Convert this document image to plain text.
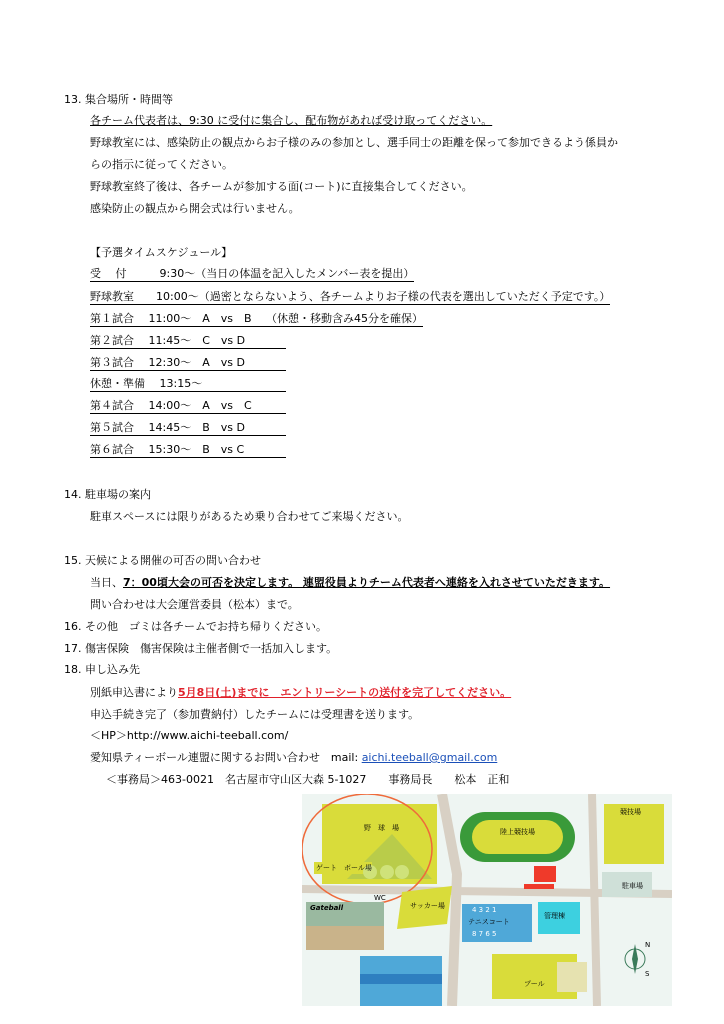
13. 集合場所・時間等
各チーム代表者は、9:30 に受付に集合し、配布物があれば受け取ってください。
野球教室には、感染防止の観点からお子様のみの参加とし、選手同士の距離を保って参加できるよう係員か
らの指示に従ってください。
野球教室終了後は、各チームが参加する面(コート)に直接集合してください。
感染防止の観点から開会式は行いません。
【予選タイムスケジュール】
受　 付　　　9:30～（当日の体温を記入したメンバー表を提出）
野球教室　　10:00～（過密とならないよう、各チームよりお子様の代表を選出していただく予定です。）
第１試合　 11:00～　A　vs　B　 （休憩・移動含み45分を確保）
第２試合　 11:45～　C　vs D
第３試合　 12:30～　A　vs D
休憩・準備　 13:15～
第４試合　 14:00～　A　vs　C
第５試合　 14:45～　B　vs D
第６試合　 15:30～　B　vs C
14. 駐車場の案内
駐車スペースには限りがあるため乗り合わせてご来場ください。
15. 天候による開催の可否の問い合わせ
当日、7：00頃大会の可否を決定します。 連盟役員よりチーム代表者へ連絡を入れさせていただきます。
問い合わせは大会運営委員（松本）まで。
16. その他　ゴミは各チームでお持ち帰りください。
17. 傷害保険　傷害保険は主催者側で一括加入します。
18. 申し込み先
別紙申込書により5月8日(土)までに　エントリーシートの送付を完了してください。
申込手続き完了（参加費納付）したチームには受理書を送ります。
＜HP＞http://www.aichi-teeball.com/
愛知県ティーボール連盟に関するお問い合わせ　mail: aichi.teeball@gmail.com
＜事務局＞463-0021　名古屋市守山区大森 5-1027　　事務局長　　松本　正和
野　球　場
ゲート　ボール場
陸上競技場
サッカー場	4 3 2 1
テニスコート
8 7 6 5
管理棟
プール
競技場
駐車場
WC
Gateball
N
S
